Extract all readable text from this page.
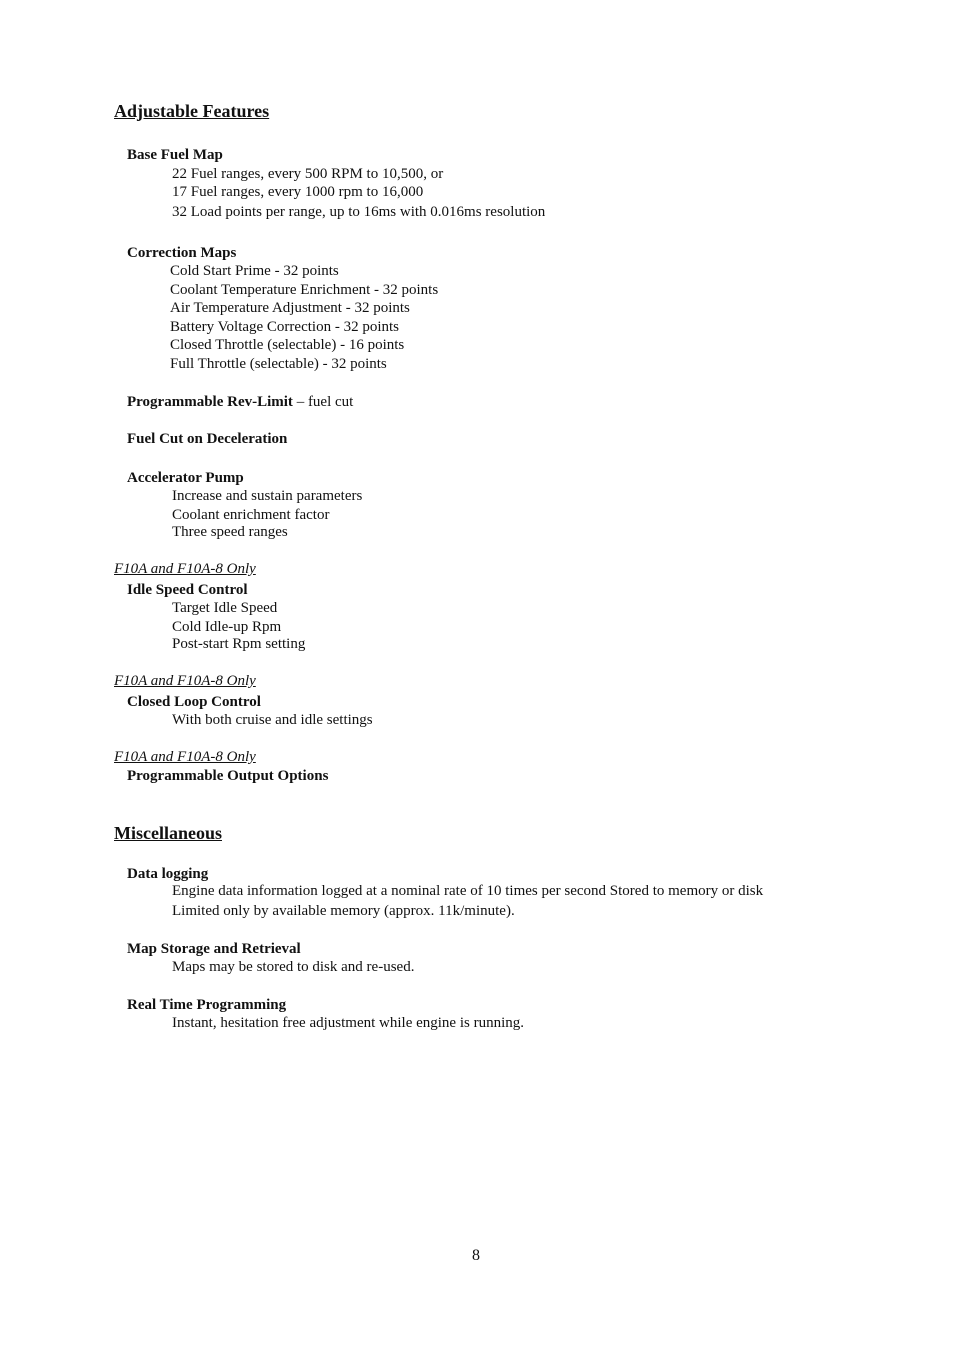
Adjustable Features
Base Fuel Map
22 Fuel ranges, every 500 RPM to 10,500, or
17 Fuel ranges, every 1000 rpm to 16,000
32 Load points per range, up to 16ms with 0.016ms resolution
Correction Maps
Cold Start Prime - 32 points
Coolant Temperature Enrichment - 32 points
Air Temperature Adjustment - 32 points
Battery Voltage Correction - 32 points
Closed Throttle (selectable) - 16 points
Full Throttle (selectable) - 32 points
Programmable Rev-Limit – fuel cut
Fuel Cut on Deceleration
Accelerator Pump
Increase and sustain parameters
Coolant enrichment factor
Three speed ranges
F10A and F10A-8 Only
Idle Speed Control
Target Idle Speed
Cold Idle-up Rpm
Post-start Rpm setting
F10A and F10A-8 Only
Closed Loop Control
With both cruise and idle settings
F10A and F10A-8 Only
Programmable Output Options
Miscellaneous
Data logging
Engine data information logged at a nominal rate of 10 times per second Stored to memory or disk
Limited only by available memory (approx. 11k/minute).
Map Storage and Retrieval
Maps may be stored to disk and re-used.
Real Time Programming
Instant, hesitation free adjustment while engine is running.
8
